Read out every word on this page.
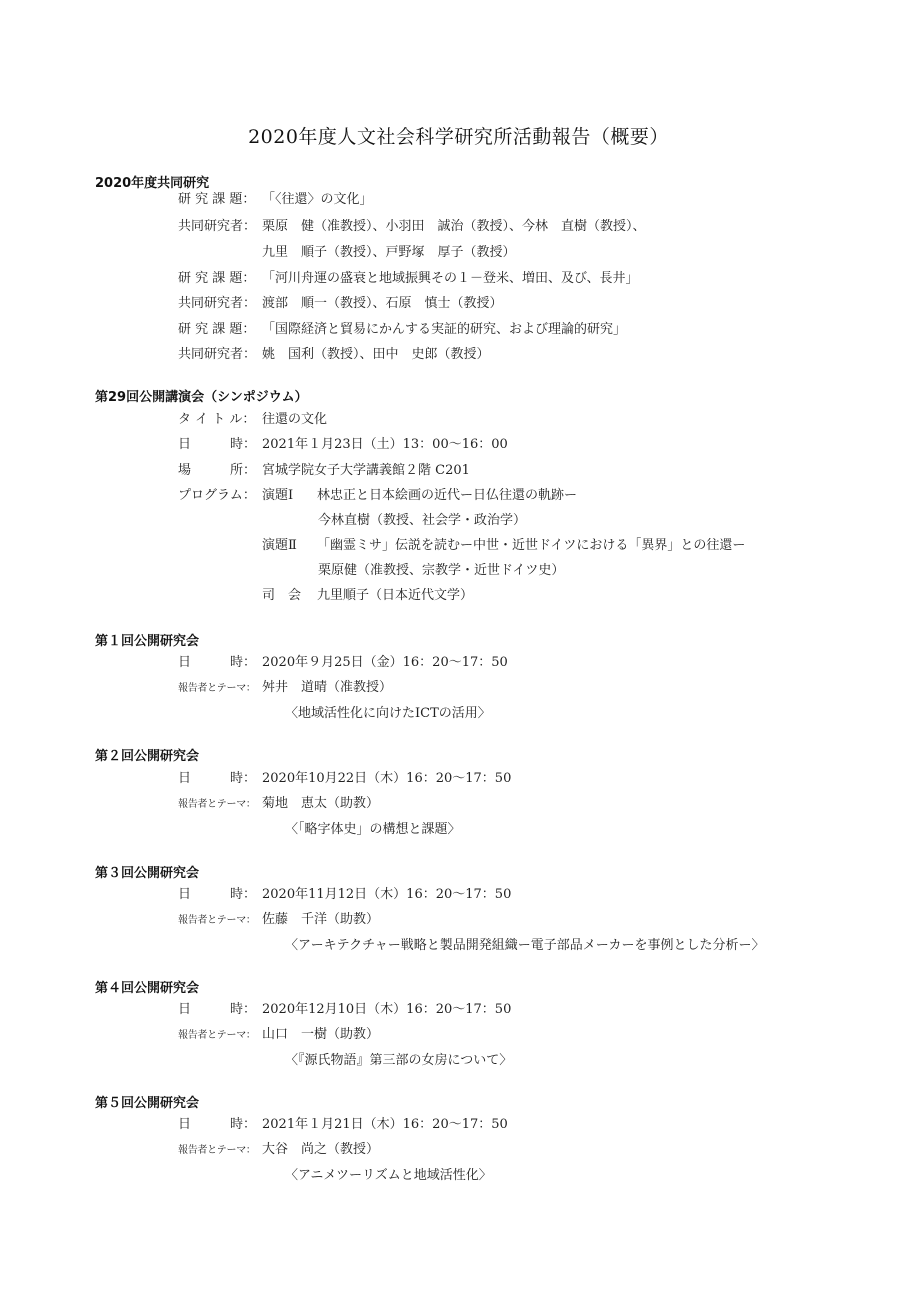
2020年度人文社会科学研究所活動報告（概要）
2020年度共同研究
研 究 課 題： 「〈往還〉の文化」
共同研究者： 栗原　健（准教授）、小羽田　誠治（教授）、今林　直樹（教授）、
九里　順子（教授）、戸野塚　厚子（教授）
研 究 課 題： 「河川舟運の盛衰と地域振興その１－登米、増田、及び、長井」
共同研究者： 渡部　順一（教授）、石原　慎士（教授）
研 究 課 題： 「国際経済と貿易にかんする実証的研究、および理論的研究」
共同研究者： 姚　国利（教授）、田中　史郎（教授）
第29回公開講演会（シンポジウム）
タ イ ト ル： 往還の文化
日　　　時： 2021年１月23日（土）13：00～16：00
場　　　所： 宮城学院女子大学講義館２階 C201
プログラム： 演題Ⅰ 林忠正と日本絵画の近代ー日仏往還の軌跡ー
今林直樹（教授、社会学・政治学）
演題Ⅱ 「幽霊ミサ」伝説を読むー中世・近世ドイツにおける「異界」との往還ー
栗原健（准教授、宗教学・近世ドイツ史）
司　会 九里順子（日本近代文学）
第１回公開研究会
日　　　時： 2020年９月25日（金）16：20～17：50
報告者とテーマ： 舛井　道晴（准教授）
〈地域活性化に向けたICTの活用〉
第２回公開研究会
日　　　時： 2020年10月22日（木）16：20～17：50
報告者とテーマ： 菊地　恵太（助教）
〈「略字体史」の構想と課題〉
第３回公開研究会
日　　　時： 2020年11月12日（木）16：20～17：50
報告者とテーマ： 佐藤　千洋（助教）
〈アーキテクチャー戦略と製品開発組織ー電子部品メーカーを事例とした分析ー〉
第４回公開研究会
日　　　時： 2020年12月10日（木）16：20～17：50
報告者とテーマ： 山口　一樹（助教）
〈『源氏物語』第三部の女房について〉
第５回公開研究会
日　　　時： 2021年１月21日（木）16：20～17：50
報告者とテーマ： 大谷　尚之（教授）
〈アニメツーリズムと地域活性化〉
